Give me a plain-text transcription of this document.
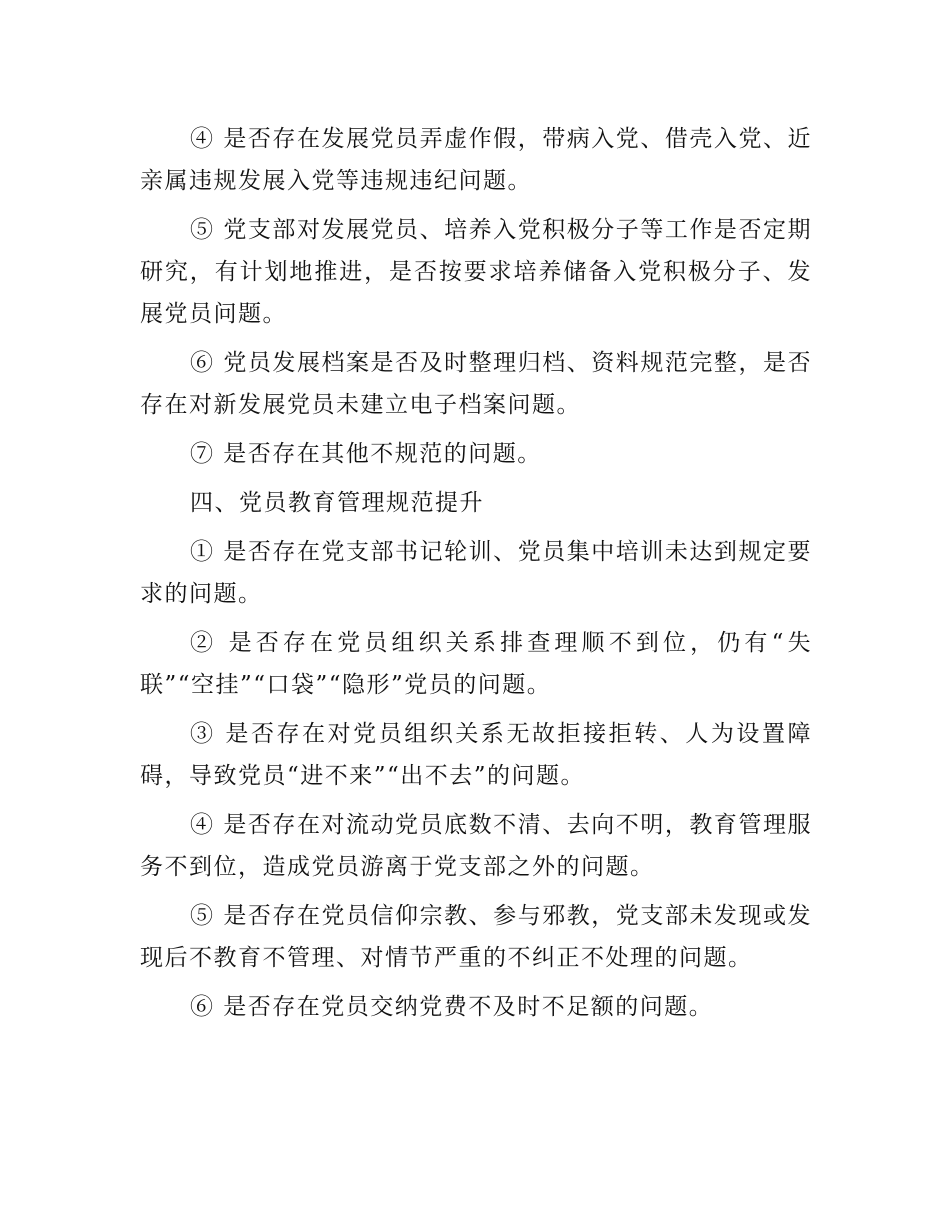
④ 是否存在发展党员弄虚作假，带病入党、借壳入党、近亲属违规发展入党等违规违纪问题。

⑤ 党支部对发展党员、培养入党积极分子等工作是否定期研究，有计划地推进，是否按要求培养储备入党积极分子、发展党员问题。

⑥ 党员发展档案是否及时整理归档、资料规范完整，是否存在对新发展党员未建立电子档案问题。

⑦ 是否存在其他不规范的问题。

四、党员教育管理规范提升

① 是否存在党支部书记轮训、党员集中培训未达到规定要求的问题。

② 是否存在党员组织关系排查理顺不到位，仍有“失联”“空挂”“口袋”“隐形”党员的问题。

③ 是否存在对党员组织关系无故拒接拒转、人为设置障碍，导致党员“进不来”“出不去”的问题。

④ 是否存在对流动党员底数不清、去向不明，教育管理服务不到位，造成党员游离于党支部之外的问题。

⑤ 是否存在党员信仰宗教、参与邪教，党支部未发现或发现后不教育不管理、对情节严重的不纠正不处理的问题。

⑥ 是否存在党员交纳党费不及时不足额的问题。
